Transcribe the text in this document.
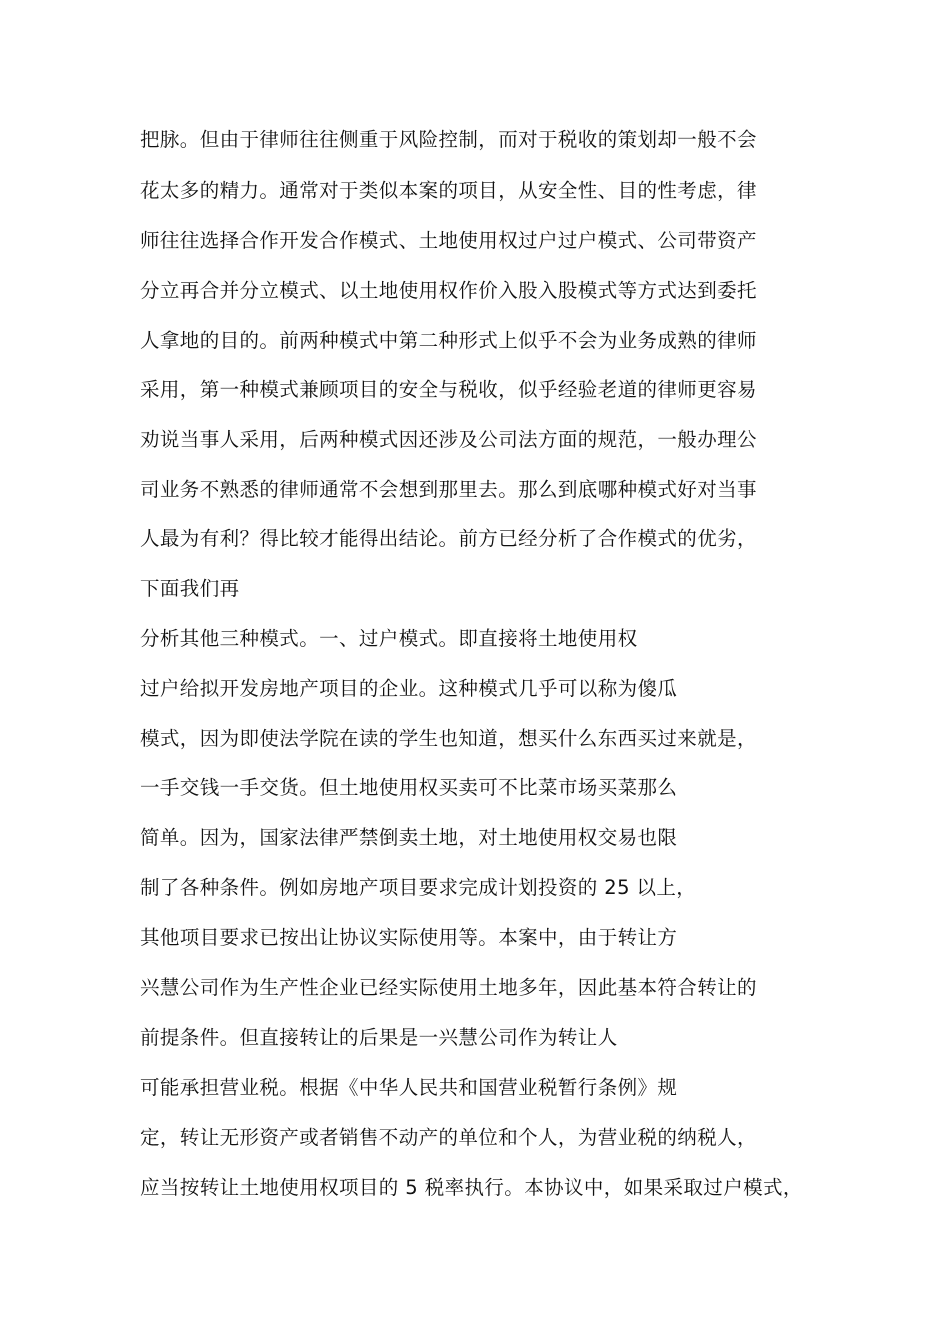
把脉。但由于律师往往侧重于风险控制，而对于税收的策划却一般不会
花太多的精力。通常对于类似本案的项目，从安全性、目的性考虑，律
师往往选择合作开发合作模式、土地使用权过户过户模式、公司带资产
分立再合并分立模式、以土地使用权作价入股入股模式等方式达到委托
人拿地的目的。前两种模式中第二种形式上似乎不会为业务成熟的律师
采用，第一种模式兼顾项目的安全与税收，似乎经验老道的律师更容易
劝说当事人采用，后两种模式因还涉及公司法方面的规范，一般办理公
司业务不熟悉的律师通常不会想到那里去。那么到底哪种模式好对当事
人最为有利？得比较才能得出结论。前方已经分析了合作模式的优劣，
下面我们再
分析其他三种模式。一、过户模式。即直接将土地使用权
过户给拟开发房地产项目的企业。这种模式几乎可以称为傻瓜
模式，因为即使法学院在读的学生也知道，想买什么东西买过来就是，
一手交钱一手交货。但土地使用权买卖可不比菜市场买菜那么
简单。因为，国家法律严禁倒卖土地，对土地使用权交易也限
制了各种条件。例如房地产项目要求完成计划投资的 25 以上，
其他项目要求已按出让协议实际使用等。本案中，由于转让方
兴慧公司作为生产性企业已经实际使用土地多年，因此基本符合转让的
前提条件。但直接转让的后果是一兴慧公司作为转让人
可能承担营业税。根据《中华人民共和国营业税暂行条例》规
定，转让无形资产或者销售不动产的单位和个人，为营业税的纳税人，
应当按转让土地使用权项目的 5 税率执行。本协议中，如果采取过户模式，
